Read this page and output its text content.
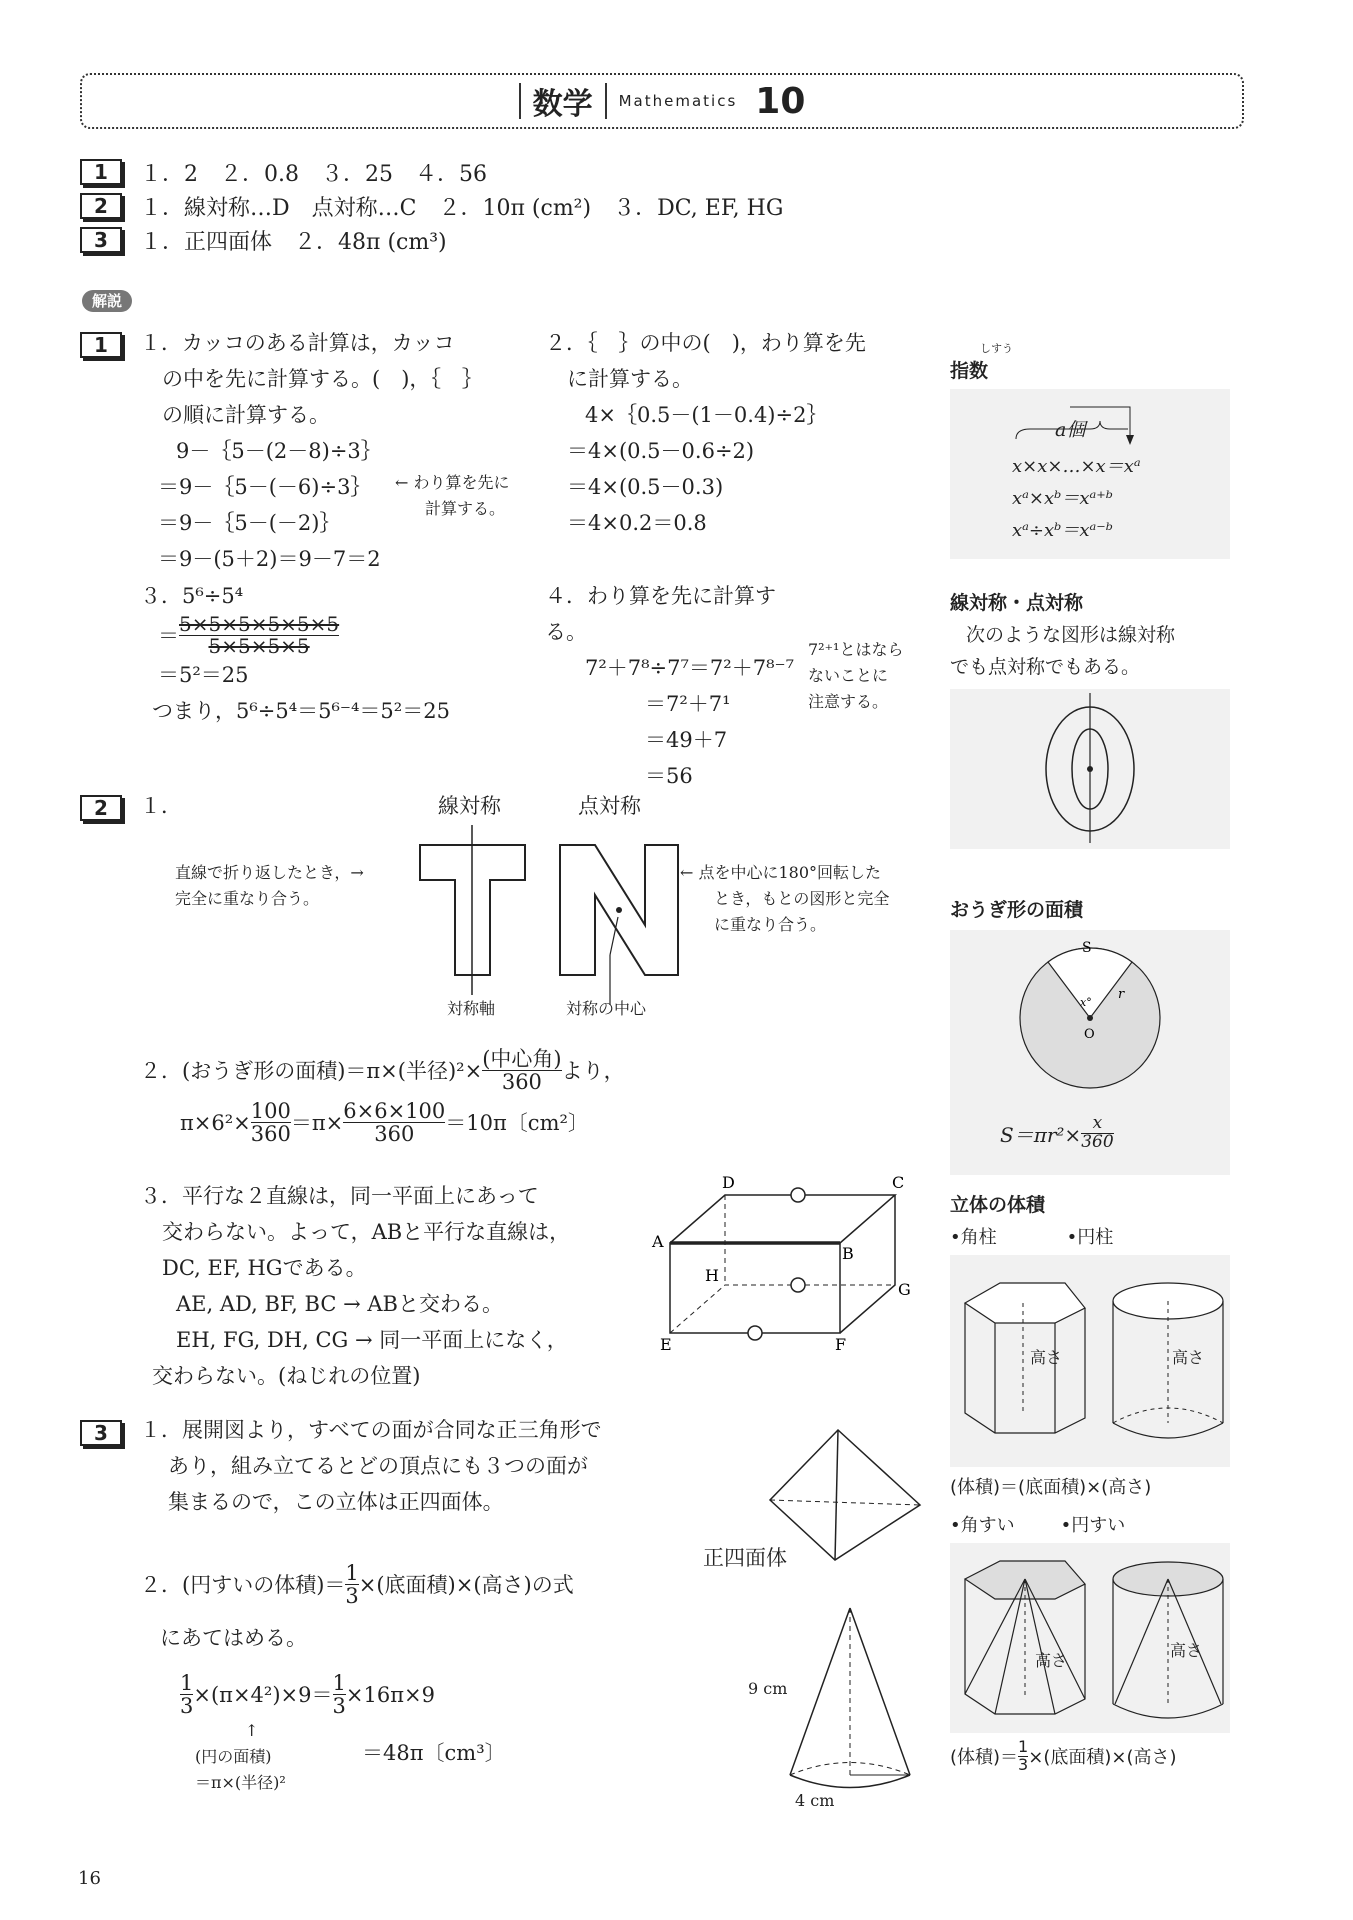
数学 Mathematics 10
1	１．2　２．0.8　３．25　４．56
2	１．線対称…D　点対称…C　２．10π (cm²)　３．DC, EF, HG
3	１．正四面体　２．48π (cm³)
解説
1	１．カッコのある計算は，カッコ
の中を先に計算する。(　)，｛　｝
の順に計算する。
9－｛5－(2－8)÷3｝
＝9－｛5－(－6)÷3｝
＝9－｛5－(－2)｝
＝9－(5＋2)＝9－7＝2
← わり算を先に
計算する。
２．｛　｝の中の(　)，わり算を先
に計算する。
4×｛0.5－(1－0.4)÷2｝
＝4×(0.5－0.6÷2)
＝4×(0.5－0.3)
＝4×0.2＝0.8
３．5⁶÷5⁴
＝ $\frac{5\times 5\times 5\times 5\times 5\times 5}{5\times 5\times 5\times 5}$
＝5²＝25
つまり，5⁶÷5⁴＝5⁶⁻⁴＝5²＝25
４．わり算を先に計算する。
7²＋7⁸÷7⁷＝7²＋7⁸⁻⁷
＝7²＋7¹
＝49＋7
＝56
7²⁺¹とはなら
ないことに
注意する。
2	１．	線対称	点対称
直線で折り返したとき，→
完全に重なり合う。
← 点を中心に180°回転した
とき，もとの図形と完全
に重なり合う。
対称軸	対称の中心
２．(おうぎ形の面積)＝π×(半径)$^2\times \frac{\text{(中心角)}}{360}$ より，
$\pi\times 6^2\times \frac{100}{360} =\pi\times \frac{6\times 6\times 100}{360} =10\pi$〔cm²〕
３．平行な２直線は，同一平面上にあって
交わらない。よって，ABと平行な直線は，
DC, EF, HGである。
AE, AD, BF, BC → ABと交わる。
EH, FG, DH, CG → 同一平面上になく，
交わらない。(ねじれの位置)
D	C
A
B
H
G
E	F
3	１．展開図より，すべての面が合同な正三角形で
あり，組み立てるとどの頂点にも３つの面が
集まるので，この立体は正四面体。
正四面体
２．(円すいの体積)＝ $\frac{1}{3}$ ×(底面積)×(高さ)の式
にあてはめる。
$\frac{1}{3} \times(\pi\times 4^2)\times 9= \frac{1}{3} \times 16\pi\times 9$
↑
(円の面積)
＝π×(半径)²
＝48π〔cm³〕
9 cm
4 cm
しすう
指数
a個
x×x×…×x＝xᵃ
xᵃ×xᵇ＝xᵃ⁺ᵇ
xᵃ÷xᵇ＝xᵃ⁻ᵇ
線対称・点対称
次のような図形は線対称
でも点対称でもある。
おうぎ形の面積
S
x°
r
O
$S=\pi r^2\times \frac{x}{360}$
立体の体積
•角柱	•円柱
高さ	高さ
(体積)＝(底面積)×(高さ)
•角すい	•円すい
高さ
高さ
(体積)＝ $\frac{1}{3}$ ×(底面積)×(高さ)
16
